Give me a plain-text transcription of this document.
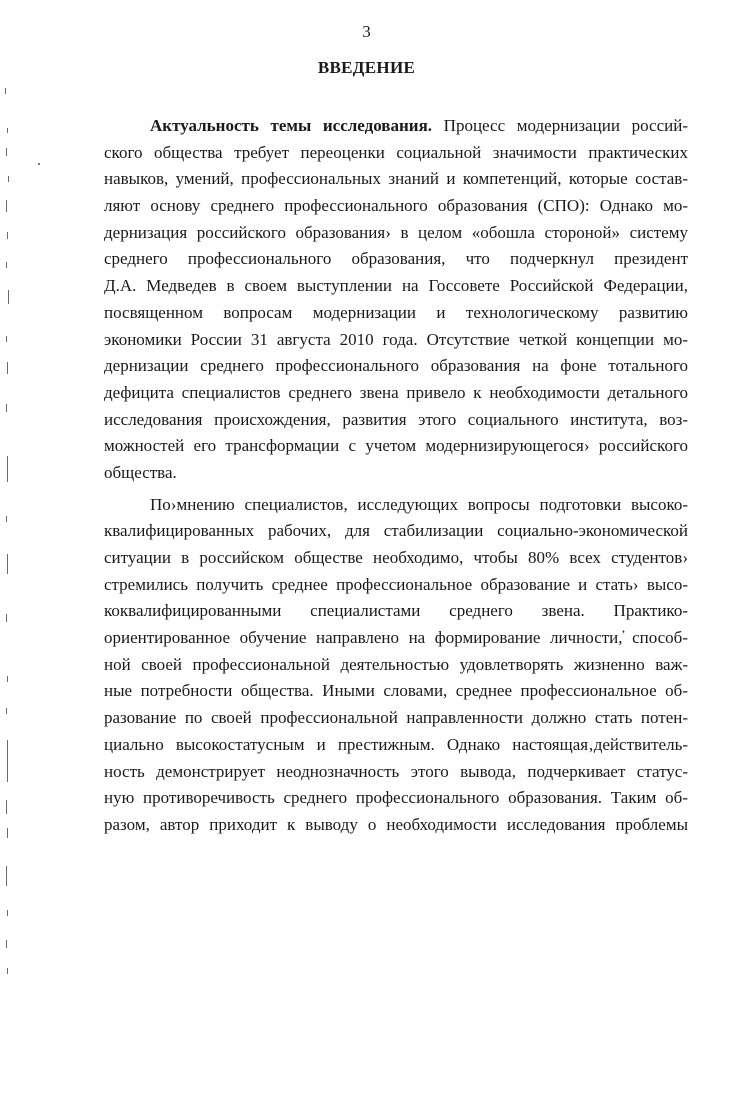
3
ВВЕДЕНИЕ
Актуальность темы исследования. Процесс модернизации россий-
ского общества требует переоценки социальной значимости практических
навыков, умений, профессиональных знаний и компетенций, которые состав-
ляют основу среднего профессионального образования (СПО): Однако мо-
дернизация российского образования› в целом «обошла стороной» систему
среднего профессионального образования, что подчеркнул президент
Д.А. Медведев в своем выступлении на Госсовете Российской Федерации,
посвященном вопросам модернизации и технологическому развитию
экономики России 31 августа 2010 года. Отсутствие четкой концепции мо-
дернизации среднего профессионального образования на фоне тотального
дефицита специалистов среднего звена привело к необходимости детального
исследования происхождения, развития этого социального института, воз-
можностей его трансформации с учетом модернизирующегося› российского
общества.
По›мнению специалистов, исследующих вопросы подготовки высоко-
квалифицированных рабочих, для стабилизации социально-экономической
ситуации в российском обществе необходимо, чтобы 80% всех студентов›
стремились получить среднее профессиональное образование и стать› высо-
коквалифицированными специалистами среднего звена. Практико-
ориентированное обучение направлено на формирование личности,̕ способ-
ной своей профессиональной деятельностью удовлетворять жизненно важ-
ные потребности общества. Иными словами, среднее профессиональное об-
разование по своей профессиональной направленности должно стать потен-
циально высокостатусным и престижным. Однако настоящая‚действитель-
ность демонстрирует неоднозначность этого вывода, подчеркивает статус-
ную противоречивость среднего профессионального образования. Таким об-
разом, автор приходит к выводу о необходимости исследования проблемы
